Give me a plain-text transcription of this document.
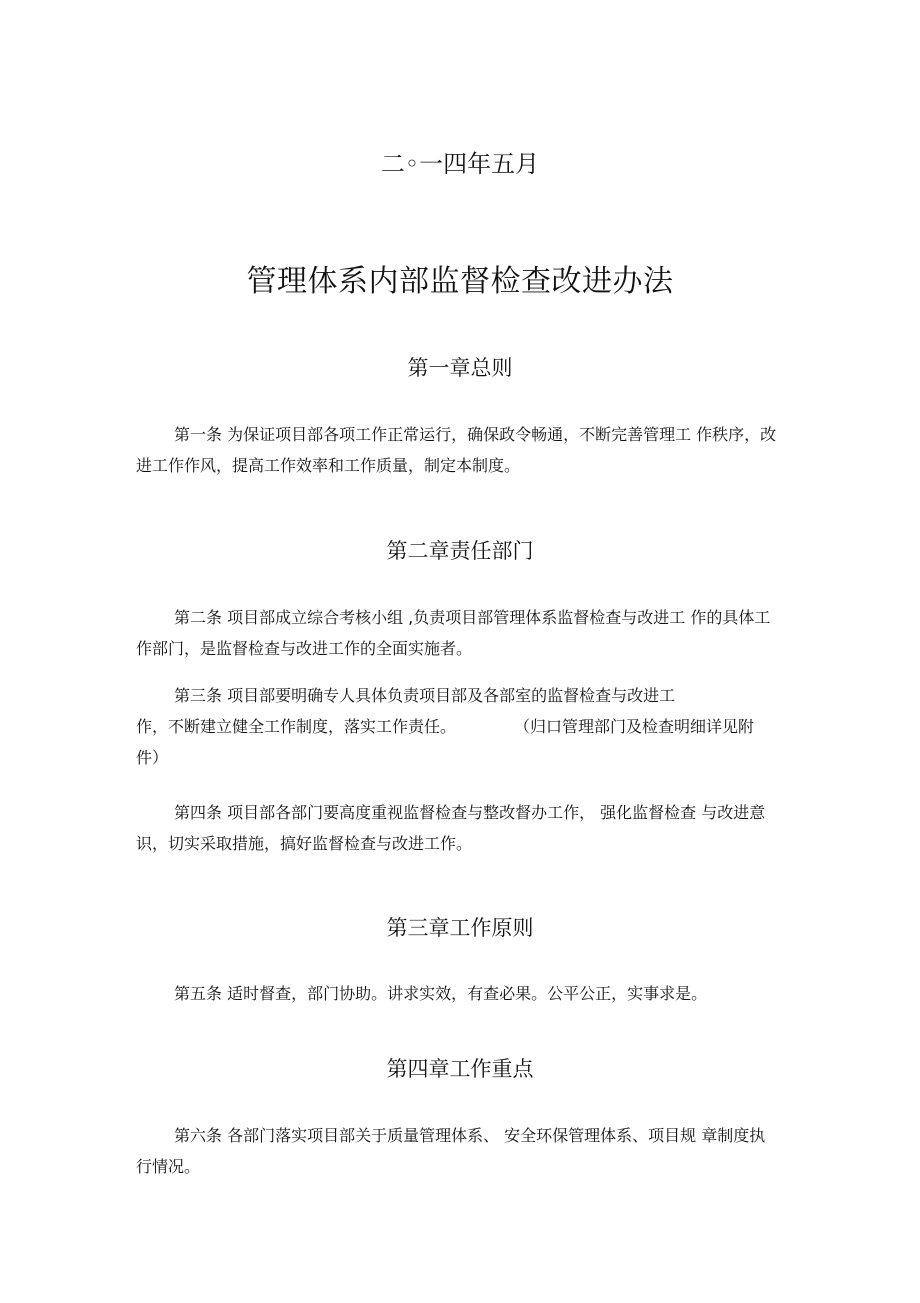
二◦一四年五月
管理体系内部监督检查改进办法
第一章总则
第一条 为保证项目部各项工作正常运行，确保政令畅通，不断完善管理工 作秩序，改
进工作作风，提高工作效率和工作质量，制定本制度。
第二章责任部门
第二条 项目部成立综合考核小组 ,负责项目部管理体系监督检查与改进工 作的具体工
作部门，是监督检查与改进工作的全面实施者。
第三条 项目部要明确专人具体负责项目部及各部室的监督检查与改进工
作，不断建立健全工作制度，落实工作责任。	（归口管理部门及检查明细详见附
件）
第四条 项目部各部门要高度重视监督检查与整改督办工作， 强化监督检查 与改进意
识，切实采取措施，搞好监督检查与改进工作。
第三章工作原则
第五条 适时督查，部门协助。讲求实效，有查必果。公平公正，实事求是。
第四章工作重点
第六条 各部门落实项目部关于质量管理体系、 安全环保管理体系、项目规 章制度执
行情况。
